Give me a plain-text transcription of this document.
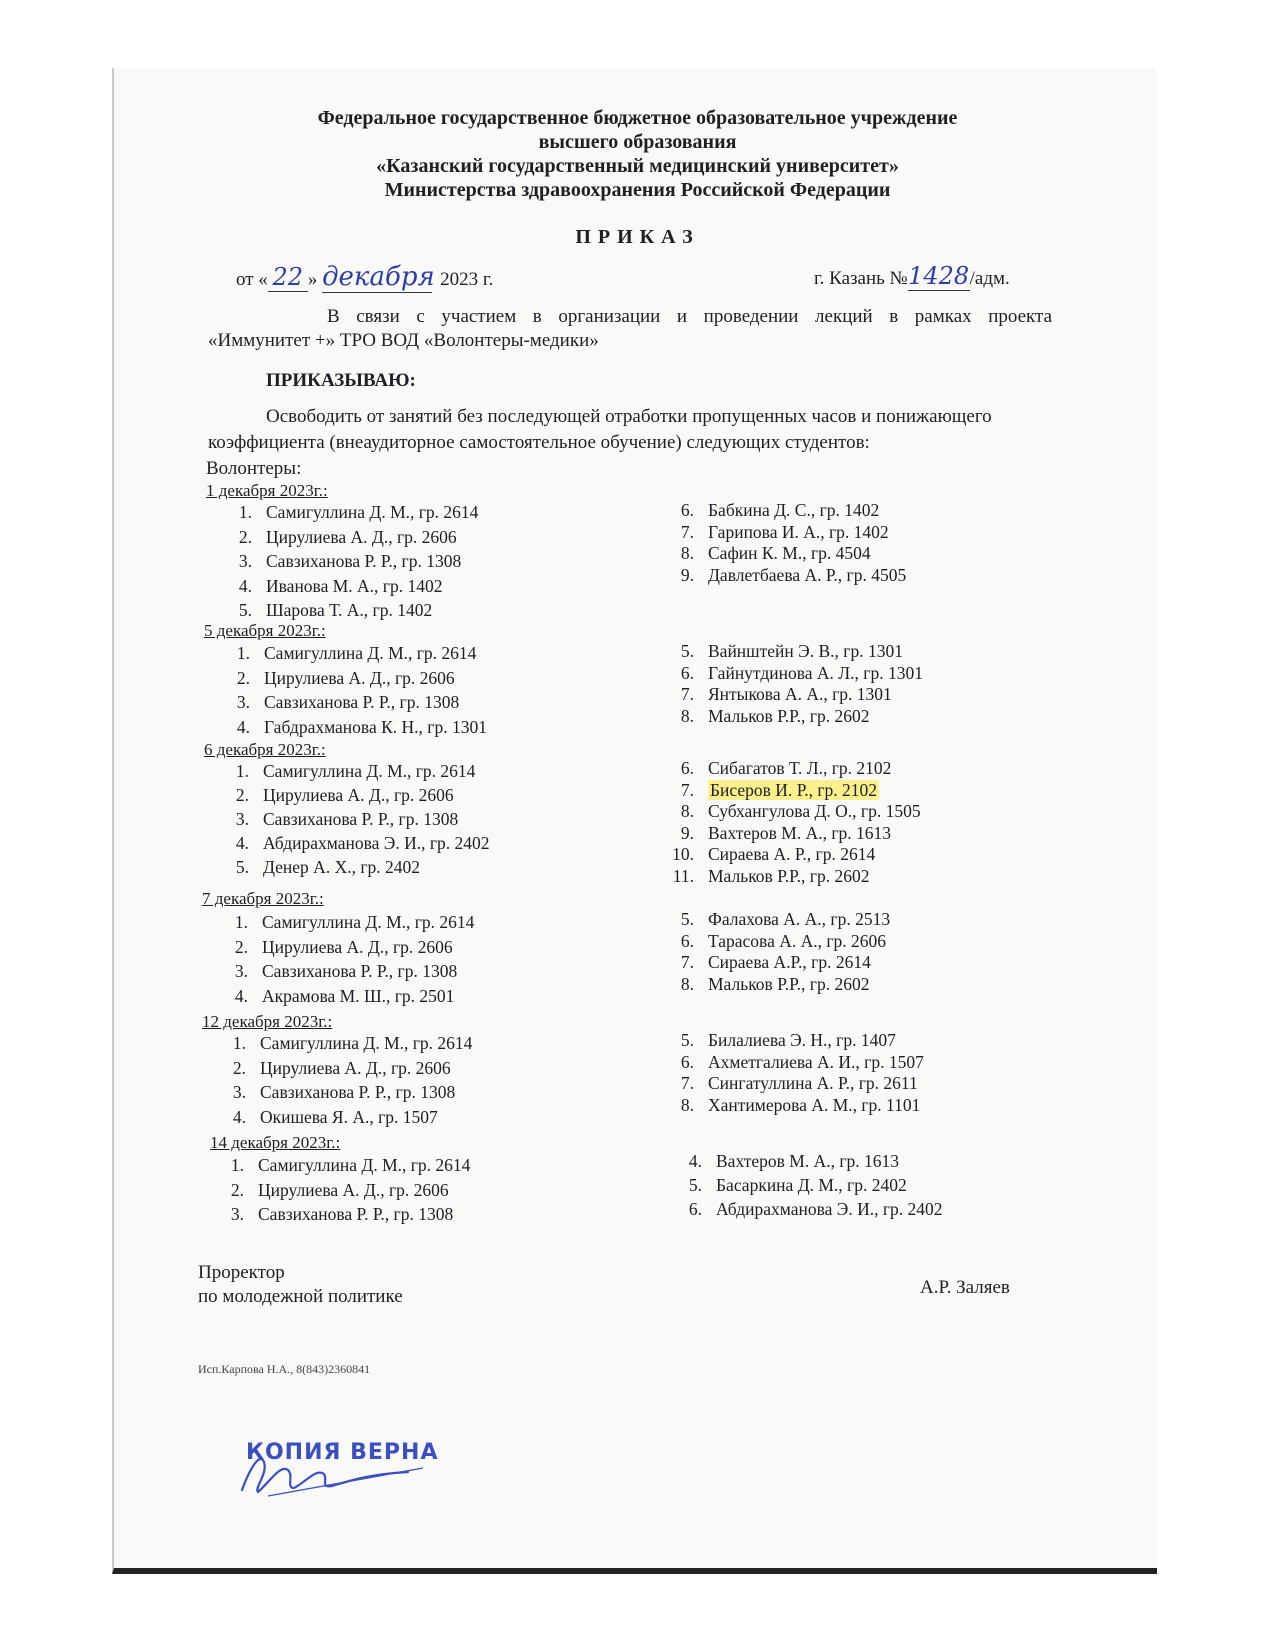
Федеральное государственное бюджетное образовательное учреждение
высшего образования
«Казанский государственный медицинский университет»
Министерства здравоохранения Российской Федерации
ПРИКАЗ
от « 22 » декабря 2023 г.	г. Казань №1428/адм.
В связи с участием в организации и проведении лекций в рамках проекта
«Иммунитет +» ТРО ВОД «Волонтеры-медики»
ПРИКАЗЫВАЮ:
Освободить от занятий без последующей отработки пропущенных часов и понижающего
коэффициента (внеаудиторное самостоятельное обучение) следующих студентов:
Волонтеры:
1 декабря 2023г.:
1. Самигуллина Д. М., гр. 2614
2. Цирулиева А. Д., гр. 2606
3. Савзиханова Р. Р., гр. 1308
4. Иванова М. А., гр. 1402
5. Шарова Т. А., гр. 1402
6. Бабкина Д. С., гр. 1402
7. Гарипова И. А., гр. 1402
8. Сафин К. М., гр. 4504
9. Давлетбаева А. Р., гр. 4505
5 декабря 2023г.:
1. Самигуллина Д. М., гр. 2614
2. Цирулиева А. Д., гр. 2606
3. Савзиханова Р. Р., гр. 1308
4. Габдрахманова К. Н., гр. 1301
5. Вайнштейн Э. В., гр. 1301
6. Гайнутдинова А. Л., гр. 1301
7. Янтыкова А. А., гр. 1301
8. Мальков Р.Р., гр. 2602
6 декабря 2023г.:
1. Самигуллина Д. М., гр. 2614
2. Цирулиева А. Д., гр. 2606
3. Савзиханова Р. Р., гр. 1308
4. Абдирахманова Э. И., гр. 2402
5. Денер А. Х., гр. 2402
6. Сибагатов Т. Л., гр. 2102
7. Бисеров И. Р., гр. 2102
8. Субхангулова Д. О., гр. 1505
9. Вахтеров М. А., гр. 1613
10. Сираева А. Р., гр. 2614
11. Мальков Р.Р., гр. 2602
7 декабря 2023г.:
1. Самигуллина Д. М., гр. 2614
2. Цирулиева А. Д., гр. 2606
3. Савзиханова Р. Р., гр. 1308
4. Акрамова М. Ш., гр. 2501
5. Фалахова А. А., гр. 2513
6. Тарасова А. А., гр. 2606
7. Сираева А.Р., гр. 2614
8. Мальков Р.Р., гр. 2602
12 декабря 2023г.:
1. Самигуллина Д. М., гр. 2614
2. Цирулиева А. Д., гр. 2606
3. Савзиханова Р. Р., гр. 1308
4. Окишева Я. А., гр. 1507
5. Билалиева Э. Н., гр. 1407
6. Ахметгалиева А. И., гр. 1507
7. Сингатуллина А. Р., гр. 2611
8. Хантимерова А. М., гр. 1101
14 декабря 2023г.:
1. Самигуллина Д. М., гр. 2614
2. Цирулиева А. Д., гр. 2606
3. Савзиханова Р. Р., гр. 1308
4. Вахтеров М. А., гр. 1613
5. Басаркина Д. М., гр. 2402
6. Абдирахманова Э. И., гр. 2402
Проректор
по молодежной политике	А.Р. Заляев
Исп.Карпова Н.А., 8(843)2360841
КОПИЯ ВЕРНА
